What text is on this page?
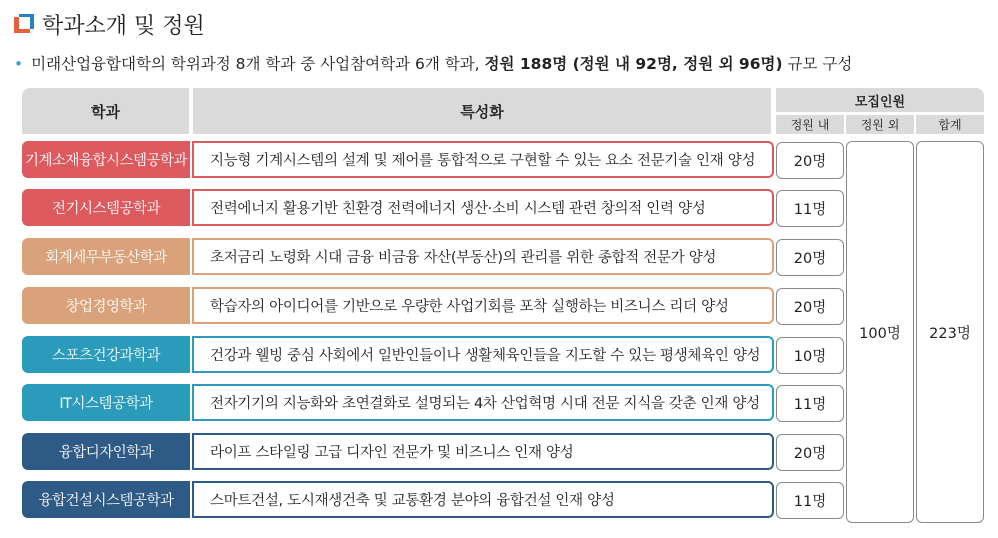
학과소개 및 정원
• 미래산업융합대학의 학위과정 8개 학과 중 사업참여학과 6개 학과, 정원 188명 (정원 내 92명, 정원 외 96명) 규모 구성
학과	특성화
모집인원
정원 내	정원 외	합계
기계소재융합시스템공학과	지능형 기계시스템의 설계 및 제어를 통합적으로 구현할 수 있는 요소 전문기술 인재 양성	20명
전기시스템공학과	전력에너지 활용기반 친환경 전력에너지 생산·소비 시스템 관련 창의적 인력 양성	11명
회계세무부동산학과	초저금리 노령화 시대 금융 비금융 자산(부동산)의 관리를 위한 종합적 전문가 양성	20명
창업경영학과	학습자의 아이디어를 기반으로 우량한 사업기회를 포착 실행하는 비즈니스 리더 양성	20명
스포츠건강과학과	건강과 웰빙 중심 사회에서 일반인들이나 생활체육인들을 지도할 수 있는 평생체육인 양성	10명
IT시스템공학과	전자기기의 지능화와 초연결화로 설명되는 4차 산업혁명 시대 전문 지식을 갖춘 인재 양성	11명
융합디자인학과	라이프 스타일링 고급 디자인 전문가 및 비즈니스 인재 양성	20명
융합건설시스템공학과	스마트건설, 도시재생건축 및 교통환경 분야의 융합건설 인재 양성	11명
100명	223명
